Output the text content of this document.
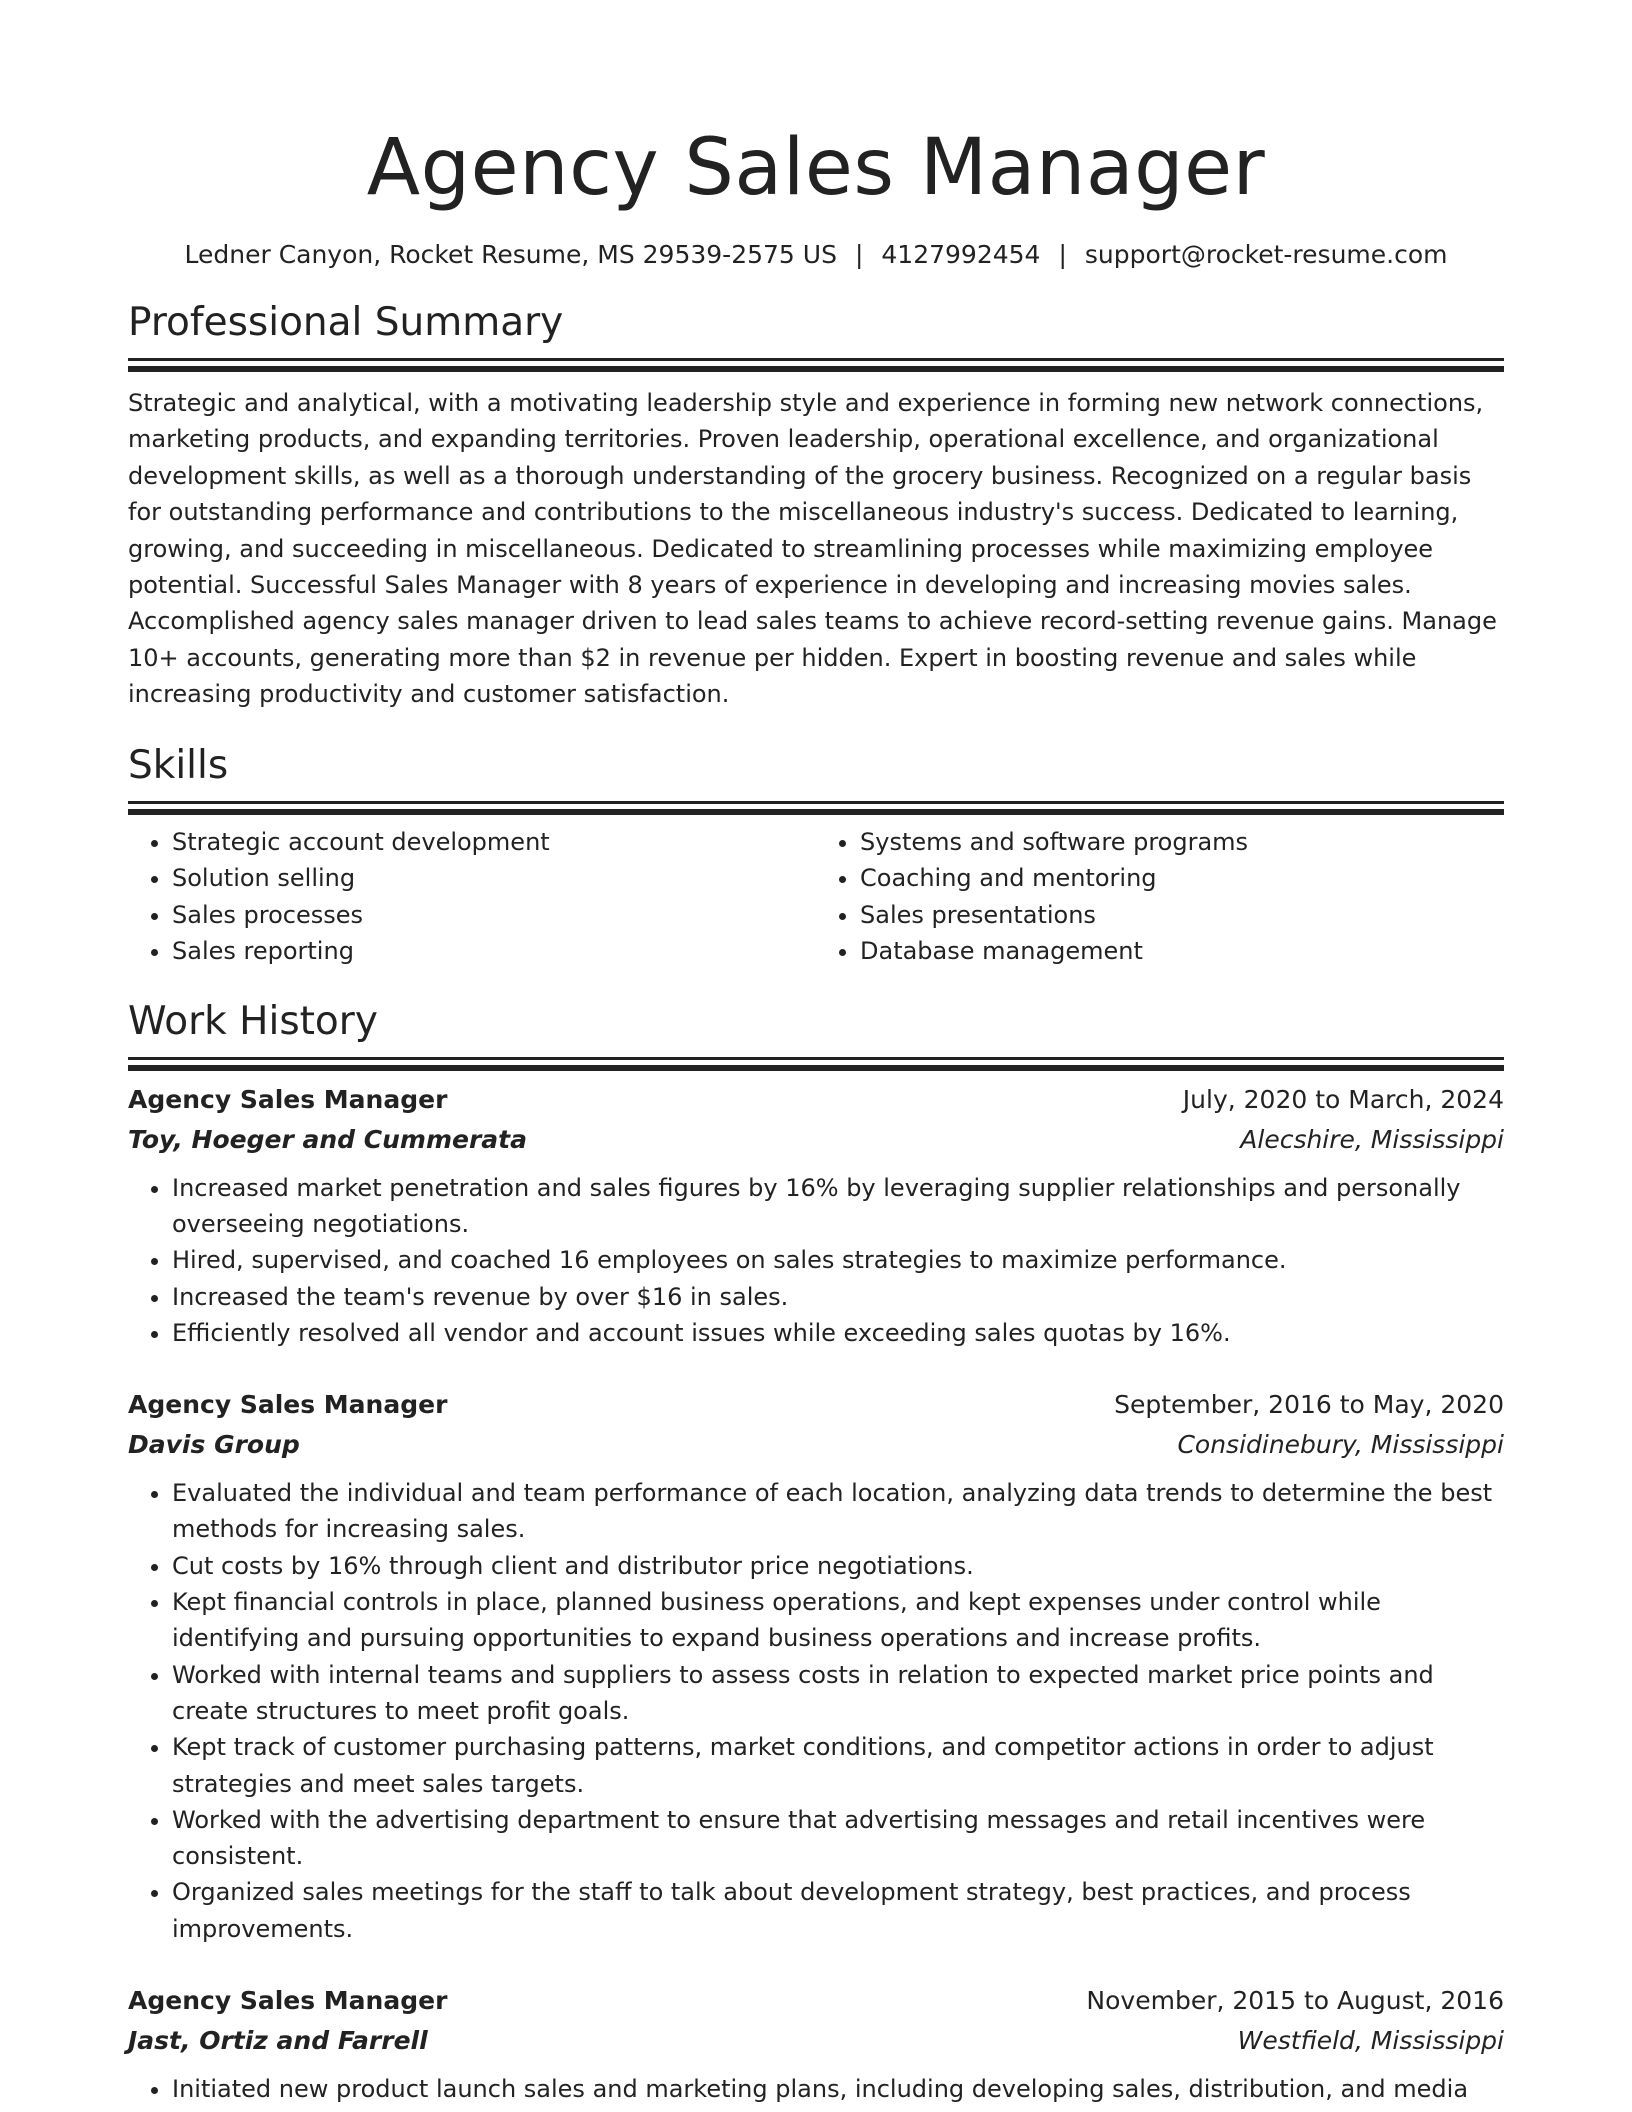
Agency Sales Manager
Ledner Canyon, Rocket Resume, MS 29539-2575 US | 4127992454 | support@rocket-resume.com
Professional Summary

Strategic and analytical, with a motivating leadership style and experience in forming new network connections, marketing products, and expanding territories. Proven leadership, operational excellence, and organizational development skills, as well as a thorough understanding of the grocery business. Recognized on a regular basis for outstanding performance and contributions to the miscellaneous industry's success. Dedicated to learning, growing, and succeeding in miscellaneous. Dedicated to streamlining processes while maximizing employee potential. Successful Sales Manager with 8 years of experience in developing and increasing movies sales. Accomplished agency sales manager driven to lead sales teams to achieve record-setting revenue gains. Manage 10+ accounts, generating more than $2 in revenue per hidden. Expert in boosting revenue and sales while increasing productivity and customer satisfaction.

Skills
• Strategic account development
• Solution selling
• Sales processes
• Sales reporting
• Systems and software programs
• Coaching and mentoring
• Sales presentations
• Database management
Work History
Agency Sales Manager	July, 2020 to March, 2024
Toy, Hoeger and Cummerata	Alecshire, Mississippi
• Increased market penetration and sales figures by 16% by leveraging supplier relationships and personally overseeing negotiations.
• Hired, supervised, and coached 16 employees on sales strategies to maximize performance.
• Increased the team's revenue by over $16 in sales.
• Efficiently resolved all vendor and account issues while exceeding sales quotas by 16%.
Agency Sales Manager	September, 2016 to May, 2020
Davis Group	Considinebury, Mississippi
• Evaluated the individual and team performance of each location, analyzing data trends to determine the best methods for increasing sales.
• Cut costs by 16% through client and distributor price negotiations.
• Kept financial controls in place, planned business operations, and kept expenses under control while identifying and pursuing opportunities to expand business operations and increase profits.
• Worked with internal teams and suppliers to assess costs in relation to expected market price points and create structures to meet profit goals.
• Kept track of customer purchasing patterns, market conditions, and competitor actions in order to adjust strategies and meet sales targets.
• Worked with the advertising department to ensure that advertising messages and retail incentives were consistent.
• Organized sales meetings for the staff to talk about development strategy, best practices, and process improvements.
Agency Sales Manager	November, 2015 to August, 2016
Jast, Ortiz and Farrell	Westfield, Mississippi
• Initiated new product launch sales and marketing plans, including developing sales, distribution, and media
